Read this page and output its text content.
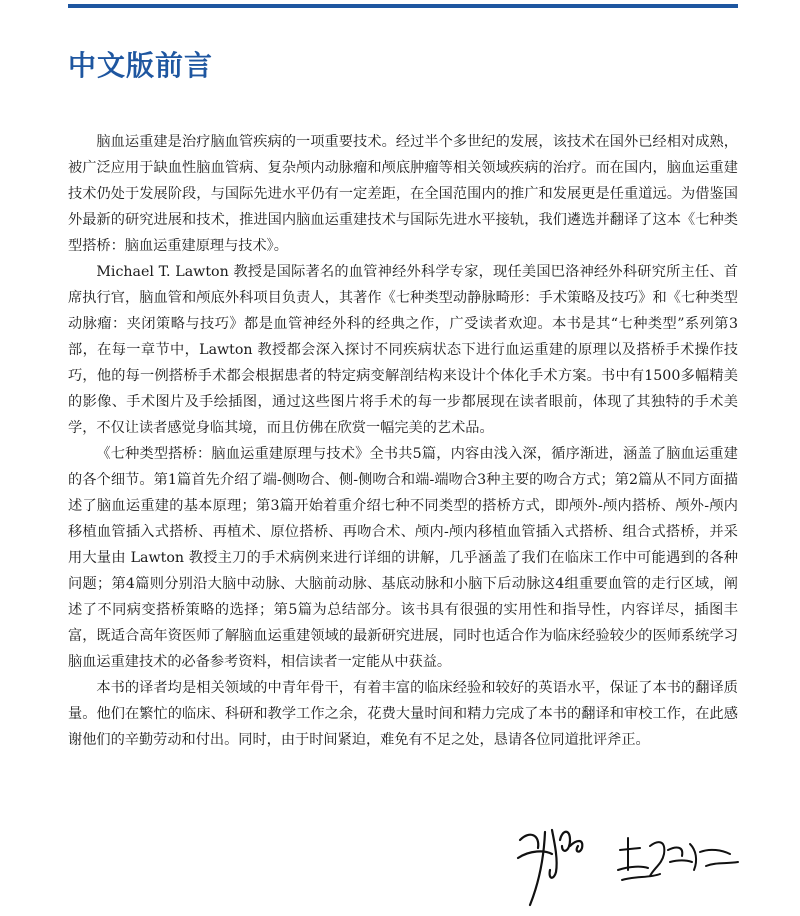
中文版前言

脑血运重建是治疗脑血管疾病的一项重要技术。经过半个多世纪的发展，该技术在国外已经相对成熟，被广泛应用于缺血性脑血管病、复杂颅内动脉瘤和颅底肿瘤等相关领域疾病的治疗。而在国内，脑血运重建技术仍处于发展阶段，与国际先进水平仍有一定差距，在全国范围内的推广和发展更是任重道远。为借鉴国外最新的研究进展和技术，推进国内脑血运重建技术与国际先进水平接轨，我们遴选并翻译了这本《七种类型搭桥：脑血运重建原理与技术》。

Michael T. Lawton 教授是国际著名的血管神经外科学专家，现任美国巴洛神经外科研究所主任、首席执行官，脑血管和颅底外科项目负责人，其著作《七种类型动静脉畸形：手术策略及技巧》和《七种类型动脉瘤：夹闭策略与技巧》都是血管神经外科的经典之作，广受读者欢迎。本书是其“七种类型”系列第3部，在每一章节中，Lawton 教授都会深入探讨不同疾病状态下进行血运重建的原理以及搭桥手术操作技巧，他的每一例搭桥手术都会根据患者的特定病变解剖结构来设计个体化手术方案。书中有1500多幅精美的影像、手术图片及手绘插图，通过这些图片将手术的每一步都展现在读者眼前，体现了其独特的手术美学，不仅让读者感觉身临其境，而且仿佛在欣赏一幅完美的艺术品。

《七种类型搭桥：脑血运重建原理与技术》全书共5篇，内容由浅入深，循序渐进，涵盖了脑血运重建的各个细节。第1篇首先介绍了端-侧吻合、侧-侧吻合和端-端吻合3种主要的吻合方式；第2篇从不同方面描述了脑血运重建的基本原理；第3篇开始着重介绍七种不同类型的搭桥方式，即颅外-颅内搭桥、颅外-颅内移植血管插入式搭桥、再植术、原位搭桥、再吻合术、颅内-颅内移植血管插入式搭桥、组合式搭桥，并采用大量由 Lawton 教授主刀的手术病例来进行详细的讲解，几乎涵盖了我们在临床工作中可能遇到的各种问题；第4篇则分别沿大脑中动脉、大脑前动脉、基底动脉和小脑下后动脉这4组重要血管的走行区域，阐述了不同病变搭桥策略的选择；第5篇为总结部分。该书具有很强的实用性和指导性，内容详尽，插图丰富，既适合高年资医师了解脑血运重建领域的最新研究进展，同时也适合作为临床经验较少的医师系统学习脑血运重建技术的必备参考资料，相信读者一定能从中获益。

本书的译者均是相关领域的中青年骨干，有着丰富的临床经验和较好的英语水平，保证了本书的翻译质量。他们在繁忙的临床、科研和教学工作之余，花费大量时间和精力完成了本书的翻译和审校工作，在此感谢他们的辛勤劳动和付出。同时，由于时间紧迫，难免有不足之处，恳请各位同道批评斧正。
